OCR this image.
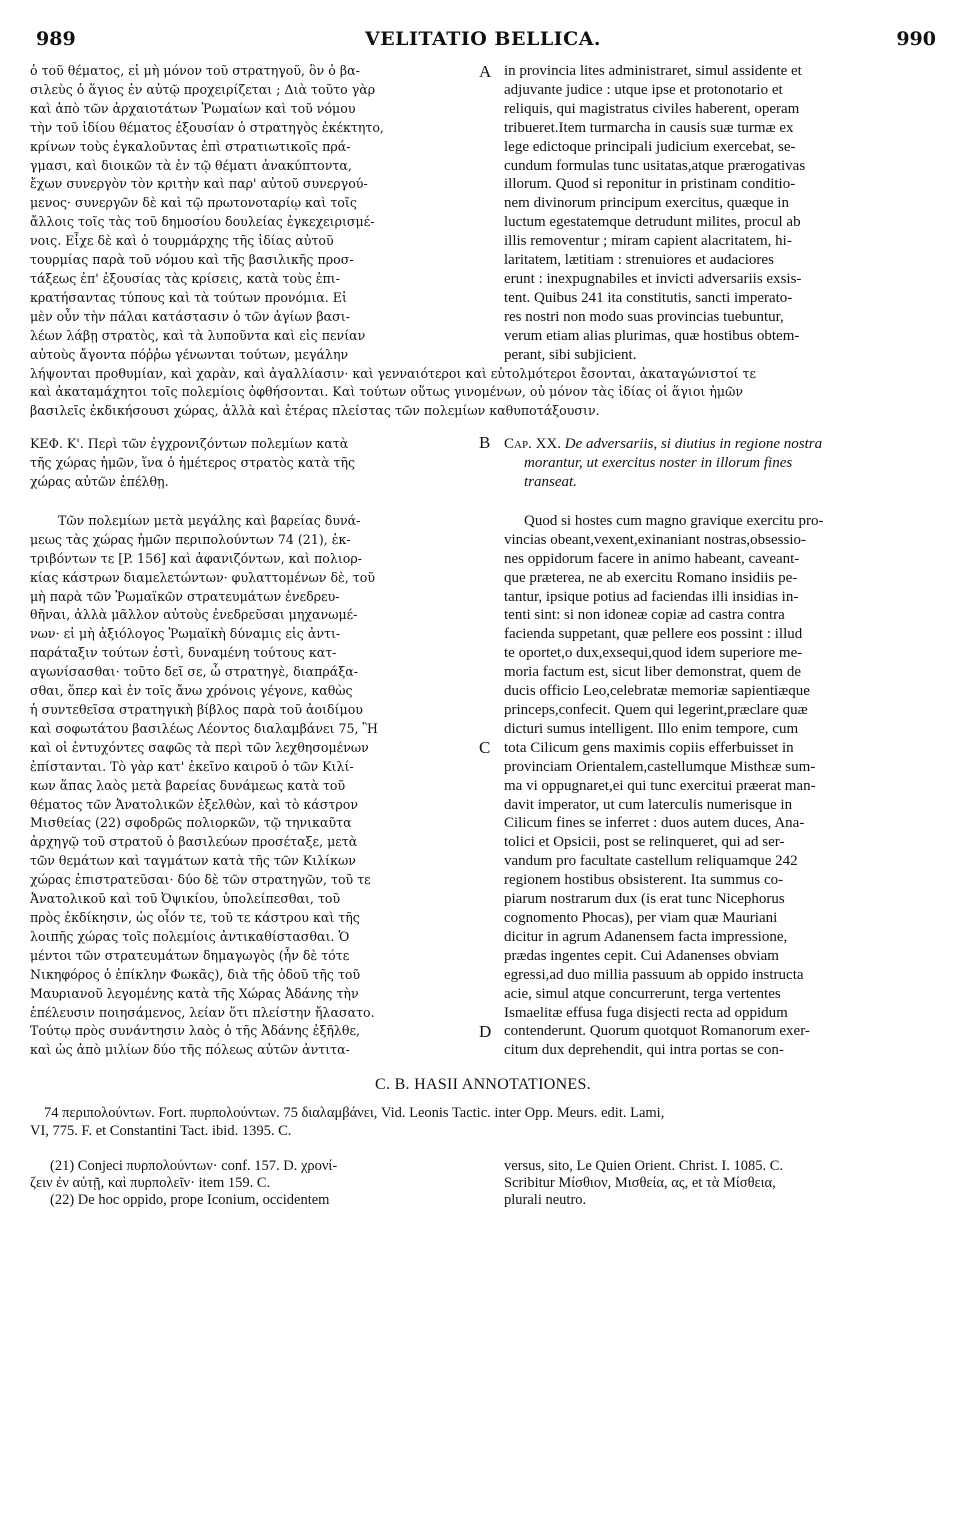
989	VELITATIO BELLICA.	990
ὁ τοῦ θέματος, εἰ μὴ μόνον τοῦ στρατηγοῦ, ὃν ὁ βα-
σιλεὺς ὁ ἅγιος ἐν αὐτῷ προχειρίζεται ; Διὰ τοῦτο γὰρ
καὶ ἀπὸ τῶν ἀρχαιοτάτων Ῥωμαίων καὶ τοῦ νόμου
τὴν τοῦ ἰδίου θέματος ἐξουσίαν ὁ στρατηγὸς ἐκέκτητο,
κρίνων τοὺς ἐγκαλοῦντας ἐπὶ στρατιωτικοῖς πρά-
γμασι, καὶ διοικῶν τὰ ἐν τῷ θέματι ἀνακύπτοντα,
ἔχων συνεργὸν τὸν κριτὴν καὶ παρ' αὐτοῦ συνεργού-
μενος· συνεργῶν δὲ καὶ τῷ πρωτονοταρίῳ καὶ τοῖς
ἄλλοις τοῖς τὰς τοῦ δημοσίου δουλείας ἐγκεχειρισμέ-
νοις. Εἶχε δὲ καὶ ὁ τουρμάρχης τῆς ἰδίας αὐτοῦ
τουρμίας παρὰ τοῦ νόμου καὶ τῆς βασιλικῆς προσ-
τάξεως ἐπ' ἐξουσίας τὰς κρίσεις, κατὰ τοὺς ἐπι-
κρατήσαντας τύπους καὶ τὰ τούτων προνόμια. Εἰ
μὲν οὖν τὴν πάλαι κατάστασιν ὁ τῶν ἁγίων βασι-
λέων λάβῃ στρατὸς, καὶ τὰ λυποῦντα καὶ εἰς πενίαν
αὐτοὺς ἄγοντα πόῤῥω γένωνται τούτων, μεγάλην
A in provincia lites administraret, simul assidente et
adjuvante judice : utque ipse et protonotario et
reliquis, qui magistratus civiles haberent, operam
tribueret.Item turmarcha in causis suæ turmæ ex
lege edictoque principali judicium exercebat, se-
cundum formulas tunc usitatas,atque prærogativas
illorum. Quod si reponitur in pristinam conditio-
nem divinorum principum exercitus, quæque in
luctum egestatemque detrudunt milites, procul ab
illis removentur ; miram capient alacritatem, hi-
laritatem, lætitiam : strenuiores et audaciores
erunt : inexpugnabiles et invicti adversariis exsis-
tent. Quibus 241 ita constitutis, sancti imperato-
res nostri non modo suas provincias tuebuntur,
verum etiam alias plurimas, quæ hostibus obtem-
perant, sibi subjicient.
λήψονται προθυμίαν, καὶ χαρὰν, καὶ ἀγαλλίασιν· καὶ γενναιότεροι καὶ εὐτολμότεροι ἔσονται, ἀκαταγώνιστοί τε
καὶ ἀκαταμάχητοι τοῖς πολεμίοις ὀφθήσονται. Καὶ τούτων οὕτως γινομένων, οὐ μόνον τὰς ἰδίας οἱ ἅγιοι ἡμῶν
βασιλεῖς ἐκδικήσουσι χώρας, ἀλλὰ καὶ ἑτέρας πλείστας τῶν πολεμίων καθυποτάξουσιν.
ΚΕΦ. Κ'. Περὶ τῶν ἐγχρονιζόντων πολεμίων κατὰ
τῆς χώρας ἡμῶν, ἵνα ὁ ἡμέτερος στρατὸς κατὰ τῆς
χώρας αὐτῶν ἐπέλθῃ.
B Cap. XX. De adversariis, si diutius in regione nostra
morantur, ut exercitus noster in illorum fines
transeat.
Τῶν πολεμίων μετὰ μεγάλης καὶ βαρείας δυνά-
μεως τὰς χώρας ἡμῶν περιπολούντων 74 (21), ἐκ-
τριβόντων τε [P. 156] καὶ ἀφανιζόντων, καὶ πολιορ-
κίας κάστρων διαμελετώντων· φυλαττομένων δὲ, τοῦ
μὴ παρὰ τῶν Ῥωμαϊκῶν στρατευμάτων ἐνεδρευ-
θῆναι, ἀλλὰ μᾶλλον αὐτοὺς ἐνεδρεῦσαι μηχανωμέ-
νων· εἰ μὴ ἀξιόλογος Ῥωμαϊκὴ δύναμις εἰς ἀντι-
παράταξιν τούτων ἐστὶ, δυναμένη τούτους κατ-
αγωνίσασθαι· τοῦτο δεῖ σε, ὦ στρατηγὲ, διαπράξα-
σθαι, ὅπερ καὶ ἐν τοῖς ἄνω χρόνοις γέγονε, καθὼς
ἡ συντεθεῖσα στρατηγικὴ βίβλος παρὰ τοῦ ἀοιδίμου
καὶ σοφωτάτου βασιλέως Λέοντος διαλαμβάνει 75, Ἣ
καὶ οἱ ἐντυχόντες σαφῶς τὰ περὶ τῶν λεχθησομένων
ἐπίστανται. Τὸ γὰρ κατ' ἐκεῖνο καιροῦ ὁ τῶν Κιλί-
κων ἅπας λαὸς μετὰ βαρείας δυνάμεως κατὰ τοῦ
θέματος τῶν Ἀνατολικῶν ἐξελθὼν, καὶ τὸ κάστρον
Μισθείας (22) σφοδρῶς πολιορκῶν, τῷ τηνικαῦτα
ἀρχηγῷ τοῦ στρατοῦ ὁ βασιλεύων προσέταξε, μετὰ
τῶν θεμάτων καὶ ταγμάτων κατὰ τῆς τῶν Κιλίκων
χώρας ἐπιστρατεῦσαι· δύο δὲ τῶν στρατηγῶν, τοῦ τε
Ἀνατολικοῦ καὶ τοῦ Ὀψικίου, ὑπολείπεσθαι, τοῦ
πρὸς ἐκδίκησιν, ὡς οἷόν τε, τοῦ τε κάστρου καὶ τῆς
λοιπῆς χώρας τοῖς πολεμίοις ἀντικαθίστασθαι. Ὁ
μέντοι τῶν στρατευμάτων δημαγωγὸς (ἦν δὲ τότε
Νικηφόρος ὁ ἐπίκλην Φωκᾶς), διὰ τῆς ὁδοῦ τῆς τοῦ
Μαυριανοῦ λεγομένης κατὰ τῆς Χώρας Ἀδάνης τὴν
ἐπέλευσιν ποιησάμενος, λείαν ὅτι πλείστην ἤλασατο.
Τούτῳ πρὸς συνάντησιν λαὸς ὁ τῆς Ἀδάνης ἐξῆλθε,
καὶ ὡς ἀπὸ μιλίων δύο τῆς πόλεως αὐτῶν ἀντιτα-
C
D
Quod si hostes cum magno gravique exercitu pro-
vincias obeant,vexent,exinaniant nostras,obsessio-
nes oppidorum facere in animo habeant, caveant-
que præterea, ne ab exercitu Romano insidiis pe-
tantur, ipsique potius ad faciendas illi insidias in-
tenti sint: si non idoneæ copiæ ad castra contra
facienda suppetant, quæ pellere eos possint : illud
te oportet,o dux,exsequi,quod idem superiore me-
moria factum est, sicut liber demonstrat, quem de
ducis officio Leo,celebratæ memoriæ sapientiæque
princeps,confecit. Quem qui legerint,præclare quæ
dicturi sumus intelligent. Illo enim tempore, cum
tota Cilicum gens maximis copiis efferbuisset in
provinciam Orientalem,castellumque Misthεæ sum-
ma vi oppugnaret,ei qui tunc exercitui præerat man-
davit imperator, ut cum laterculis numerisque in
Cilicum fines se inferret : duos autem duces, Ana-
tolici et Opsicii, post se relinqueret, qui ad ser-
vandum pro facultate castellum reliquamque 242
regionem hostibus obsisterent. Ita summus co-
piarum nostrarum dux (is erat tunc Nicephorus
cognomento Phocas), per viam quæ Mauriani
dicitur in agrum Adanensem facta impressione,
prædas ingentes cepit. Cui Adanenses obviam
egressi,ad duo millia passuum ab oppido instructa
acie, simul atque concurrerunt, terga vertentes
Ismaelitæ effusa fuga disjecti recta ad oppidum
contenderunt. Quorum quotquot Romanorum exer-
citum dux deprehendit, qui intra portas se con-
C. B. HASII ANNOTATIONES.
74 περιπολούντων. Fort. πυρπολούντων. 75 διαλαμβάνει, Vid. Leonis Tactic. inter Opp. Meurs. edit. Lami,
VI, 775. F. et Constantini Tact. ibid. 1395. C.
(21) Conjeci πυρπολούντων· conf. 157. D. χρονί-
ζειν ἐν αὐτῇ, καὶ πυρπολεῖν· item 159. C.
(22) De hoc oppido, prope Iconium, occidentem
versus, sito, Le Quien Orient. Christ. I. 1085. C.
Scribitur Μίσθιον, Μισθεία, ας, et τὰ Μίσθεια,
plurali neutro.
